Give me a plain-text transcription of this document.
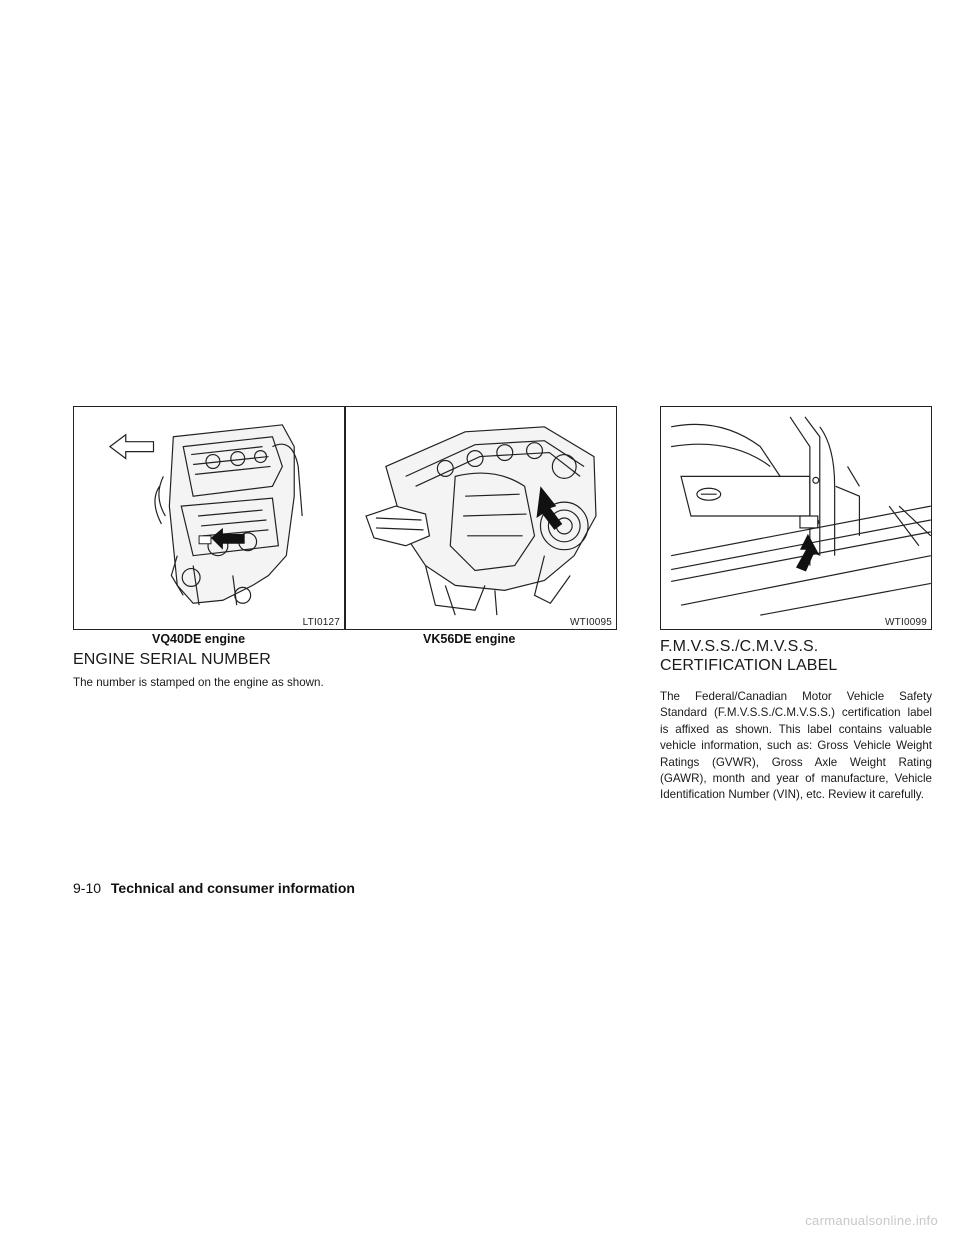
LTI0127
VQ40DE engine
WTI0095
VK56DE engine
WTI0099
ENGINE SERIAL NUMBER

The number is stamped on the engine as shown.

F.M.V.S.S./C.M.V.S.S.
CERTIFICATION LABEL

The Federal/Canadian Motor Vehicle Safety Standard (F.M.V.S.S./C.M.V.S.S.) certification label is affixed as shown. This label contains valuable vehicle information, such as: Gross Vehicle Weight Ratings (GVWR), Gross Axle Weight Rating (GAWR), month and year of manufacture, Vehicle Identification Number (VIN), etc. Review it carefully.

9-10 Technical and consumer information
carmanualsonline.info
